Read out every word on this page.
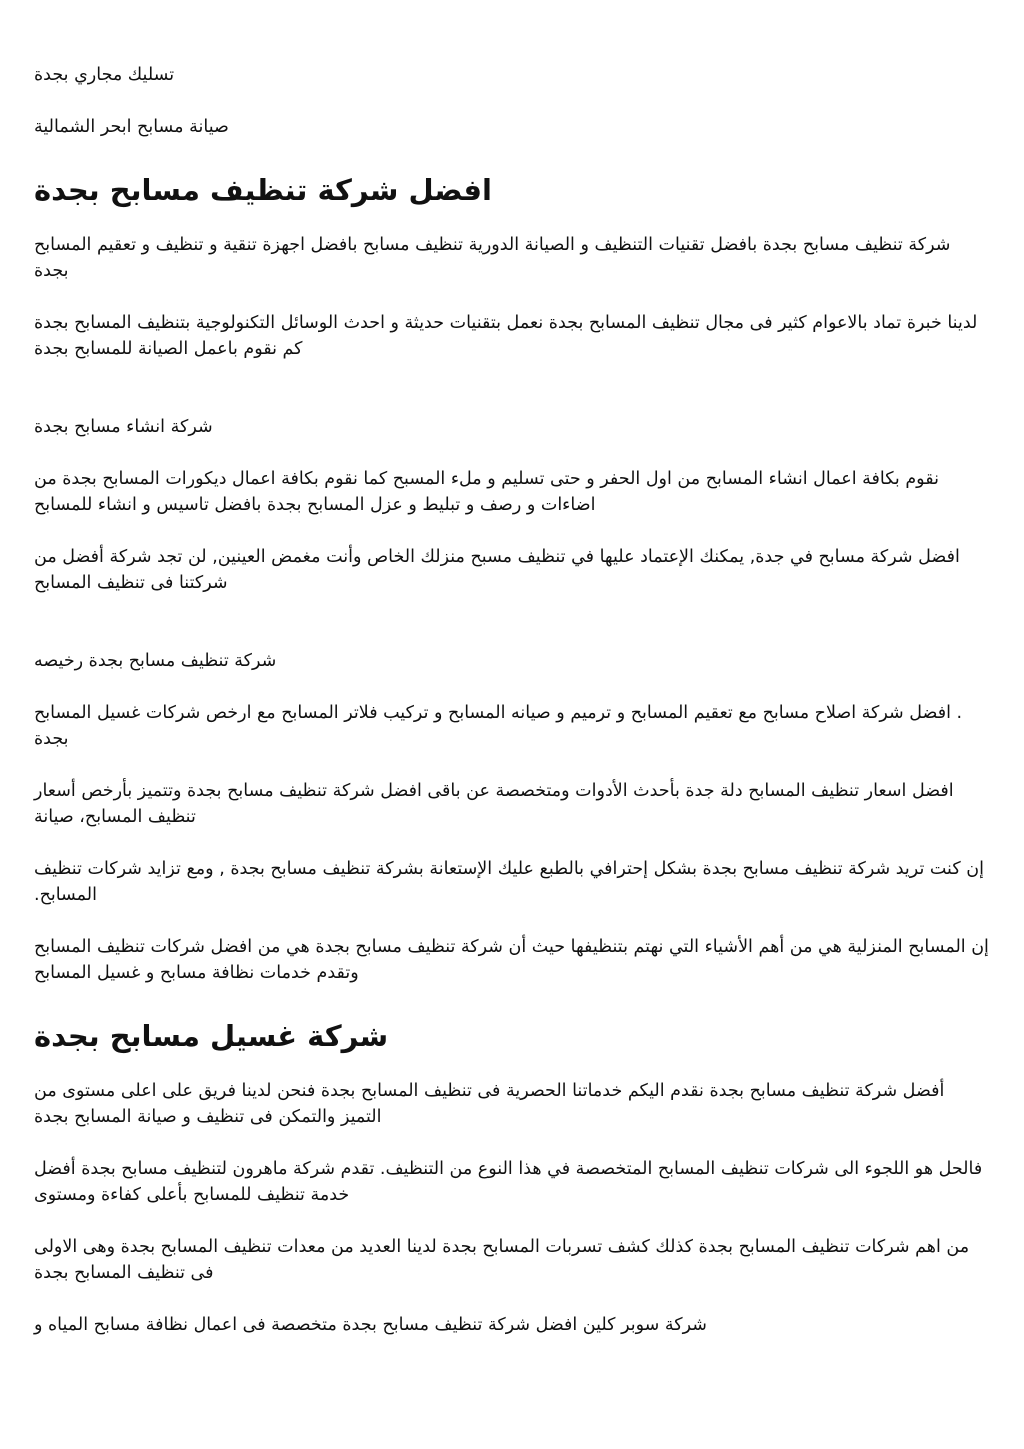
تسليك مجاري بجدة

صيانة مسابح ابحر الشمالية

افضل شركة تنظيف مسابح بجدة

شركة تنظيف مسابح بجدة بافضل تقنيات التنظيف و الصيانة الدورية تنظيف مسابح بافضل اجهزة تنقية و تنظيف و تعقيم المسابح بجدة

لدينا خبرة تماد بالاعوام كثير فى مجال تنظيف المسابح بجدة نعمل بتقنيات حديثة و احدث الوسائل التكنولوجية بتنظيف المسابح بجدة كم نقوم باعمل الصيانة للمسابح بجدة

شركة انشاء مسابح بجدة

نقوم بكافة اعمال انشاء المسابح من اول الحفر و حتى تسليم و ملء المسبح كما نقوم بكافة اعمال ديكورات المسابح بجدة من اضاءات و رصف و تبليط و عزل المسابح بجدة بافضل تاسيس و انشاء للمسابح

افضل شركة مسابح في جدة, يمكنك الإعتماد عليها في تنظيف مسبح منزلك الخاص وأنت مغمض العينين, لن تجد شركة أفضل من شركتنا فى تنظيف المسابح

شركة تنظيف مسابح بجدة رخيصه

. افضل شركة اصلاح مسابح مع تعقيم المسابح و ترميم و صيانه المسابح و تركيب فلاتر المسابح مع ارخص شركات غسيل المسابح بجدة

افضل اسعار تنظيف المسابح دلة جدة بأحدث الأدوات ومتخصصة عن باقى افضل شركة تنظيف مسابح بجدة وتتميز بأرخص أسعار تنظيف المسابح، صيانة

إن كنت تريد شركة تنظيف مسابح بجدة بشكل إحترافي بالطبع عليك الإستعانة بشركة تنظيف مسابح بجدة , ومع تزايد شركات تنظيف المسابح.

إن المسابح المنزلية هي من أهم الأشياء التي نهتم بتنظيفها حيث أن شركة تنظيف مسابح بجدة هي من افضل شركات تنظيف المسابح وتقدم خدمات نظافة مسابح و غسيل المسابح

شركة غسيل مسابح بجدة

أفضل شركة تنظيف مسابح بجدة نقدم اليكم خدماتنا الحصرية فى تنظيف المسابح بجدة فنحن لدينا فريق على اعلى مستوى من التميز والتمكن فى تنظيف و صيانة المسابح بجدة

فالحل هو اللجوء الى شركات تنظيف المسابح المتخصصة في هذا النوع من التنظيف. تقدم شركة ماهرون لتنظيف مسابح بجدة أفضل خدمة تنظيف للمسابح بأعلى كفاءة ومستوى

من اهم شركات تنظيف المسابح بجدة كذلك كشف تسربات المسابح بجدة لدينا العديد من معدات تنظيف المسابح بجدة وهى الاولى فى تنظيف المسابح بجدة

شركة سوبر كلين افضل شركة تنظيف مسابح بجدة متخصصة فى اعمال نظافة مسابح المياه و
